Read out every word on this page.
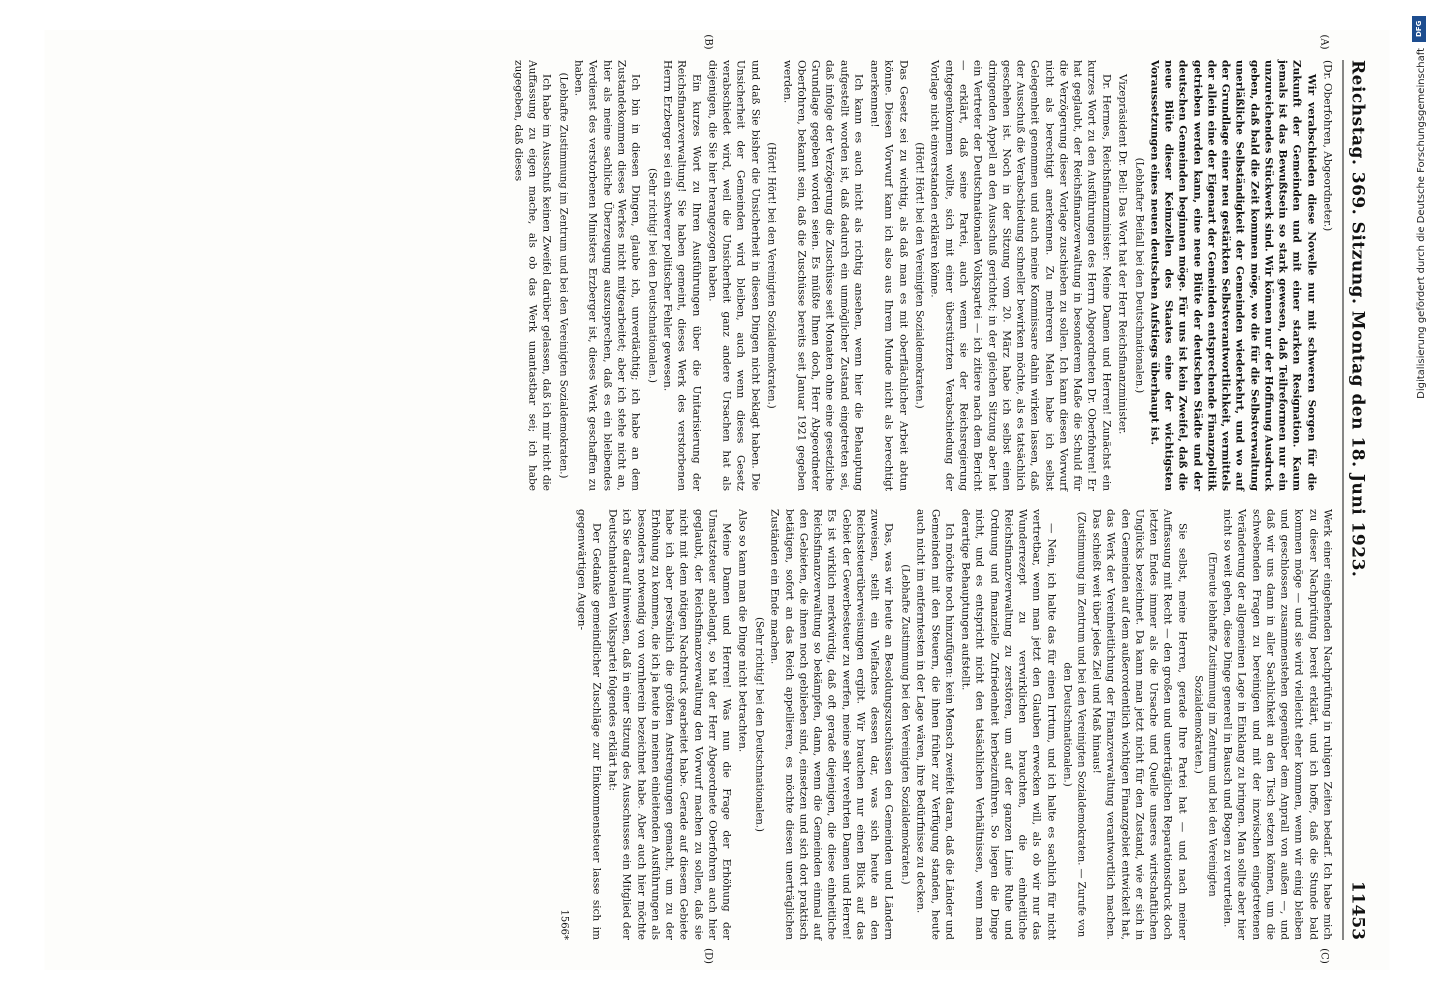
Reichstag. 369. Sitzung. Montag den 18. Juni 1923.
11453
(A)
(B)

(Dr. Oberfohren, Abgeordneter.)

Wir verabschieden diese Novelle nur mit schweren Sorgen für die Zukunft der Gemeinden und mit einer starken Resignation. Kaum jemals ist das Bewußtsein so stark gewesen, daß Teilreformen nur ein unzureichendes Stückwerk sind. Wir können nur der Hoffnung Ausdruck geben, daß bald die Zeit kommen möge, wo die für die Selbstverwaltung unerläßliche Selbständigkeit der Gemeinden wiederkehrt, und wo auf der Grundlage einer neu gestärkten Selbstverantwortlichkeit, vermittels der allein eine der Eigenart der Gemeinden entsprechende Finanzpolitik getrieben werden kann, eine neue Blüte der deutschen Städte und der deutschen Gemeinden beginnen möge. Für uns ist kein Zweifel, daß die neue Blüte dieser Keimzellen des Staates eine der wichtigsten Voraussetzungen eines neuen deutschen Aufstiegs überhaupt ist.

(Lebhafter Beifall bei den Deutschnationalen.)

Vizepräsident Dr. Bell: Das Wort hat der Herr Reichsfinanzminister.

Dr. Hermes, Reichsfinanzminister: Meine Damen und Herren! Zunächst ein kurzes Wort zu den Ausführungen des Herrn Abgeordneten Dr. Oberfohren! Er hat geglaubt, der Reichsfinanzverwaltung in besonderem Maße die Schuld für die Verzögerung dieser Vorlage zuschieben zu sollen. Ich kann diesen Vorwurf nicht als berechtigt anerkennen. Zu mehreren Malen habe ich selbst Gelegenheit genommen und auch meine Kommissare dahin wirken lassen, daß der Ausschuß die Verabschiedung schneller bewirken möchte, als es tatsächlich geschehen ist. Noch in der Sitzung vom 20. März habe ich selbst einen dringenden Appell an den Ausschuß gerichtet; in der gleichen Sitzung aber hat ein Vertreter der Deutschnationalen Volkspartei — ich zitiere nach dem Bericht — erklärt, daß seine Partei, auch wenn sie der Reichsregierung entgegenkommen wollte, sich mit einer überstürzten Verabschiedung der Vorlage nicht einverstanden erklären könne.

(Hört! Hört! bei den Vereinigten Sozialdemokraten.)

Das Gesetz sei zu wichtig, als daß man es mit oberflächlicher Arbeit abtun könne. Diesen Vorwurf kann ich also aus Ihrem Munde nicht als berechtigt anerkennen!

Ich kann es auch nicht als richtig ansehen, wenn hier die Behauptung aufgestellt worden ist, daß dadurch ein unmöglicher Zustand eingetreten sei, daß infolge der Verzögerung die Zuschüsse seit Monaten ohne eine gesetzliche Grundlage gegeben worden seien. Es müßte Ihnen doch, Herr Abgeordneter Oberfohren, bekannt sein, daß die Zuschüsse bereits seit Januar 1921 gegeben werden.

(Hört! Hört! bei den Vereinigten Sozialdemokraten.)

und daß Sie bisher die Unsicherheit in diesen Dingen nicht beklagt haben. Die Unsicherheit der Gemeinden wird bleiben, auch wenn dieses Gesetz verabschiedet wird, weil die Unsicherheit ganz andere Ursachen hat als diejenigen, die Sie hier herangezogen haben.

Ein kurzes Wort zu Ihren Ausführungen über die Unitarisierung der Reichsfinanzverwaltung! Sie haben gemeint, dieses Werk des verstorbenen Herrn Erzberger sei ein schwerer politischer Fehler gewesen.

(Sehr richtig! bei den Deutschnationalen.)

Ich bin in diesen Dingen, glaube ich, unverdächtig; ich habe an dem Zustandekommen dieses Werkes nicht mitgearbeitet; aber ich stehe nicht an, hier als meine sachliche Überzeugung auszusprechen, daß es ein bleibendes Verdienst des verstorbenen Ministers Erzberger ist, dieses Werk geschaffen zu haben.

(Lebhafte Zustimmung im Zentrum und bei den Vereinigten Sozialdemokraten.)

Ich habe im Ausschuß keinen Zweifel darüber gelassen, daß ich mir nicht die Auffassung zu eigen mache, als ob das Werk unantastbar sei; ich habe zugegeben, daß dieses

(C)
(D)

Werk einer eingehenden Nachprüfung in ruhigen Zeiten bedarf. Ich habe mich zu dieser Nachprüfung bereit erklärt, und ich hoffe, daß die Stunde bald kommen möge — und sie wird vielleicht eher kommen, wenn wir einig bleiben und geschlossen zusammenstehen gegenüber dem Anprall von außen —, und daß wir uns dann in aller Sachlichkeit an den Tisch setzen können, um die schwebenden Fragen zu bereinigen und mit der inzwischen eingetretenen Veränderung der allgemeinen Lage in Einklang zu bringen. Man sollte aber hier nicht so weit gehen, diese Dinge generell in Bausch und Bogen zu verurteilen.

(Erneute lebhafte Zustimmung im Zentrum und bei den Vereinigten Sozialdemokraten.)

Sie selbst, meine Herren, gerade Ihre Partei hat — und nach meiner Auffassung mit Recht — den großen und unerträglichen Reparationsdruck doch letzten Endes immer als die Ursache und Quelle unseres wirtschaftlichen Unglücks bezeichnet. Da kann man jetzt nicht für den Zustand, wie er sich in den Gemeinden auf dem außerordentlich wichtigen Finanzgebiet entwickelt hat, das Werk der Vereinheitlichung der Finanzverwaltung verantwortlich machen. Das schießt weit über jedes Ziel und Maß hinaus!

(Zustimmung im Zentrum und bei den Vereinigten Sozialdemokraten. — Zurufe von den Deutschnationalen.)

— Nein, ich halte das für einen Irrtum, und ich halte es sachlich für nicht vertretbar, wenn man jetzt den Glauben erwecken will, als ob wir nur das Wunderrezept zu verwirklichen brauchten, die einheitliche Reichsfinanzverwaltung zu zerstören, um auf der ganzen Linie Ruhe und Ordnung und finanzielle Zufriedenheit herbeizuführen. So liegen die Dinge nicht, und es entspricht nicht den tatsächlichen Verhältnissen, wenn man derartige Behauptungen aufstellt.

Ich möchte noch hinzufügen: kein Mensch zweifelt daran, daß die Länder und Gemeinden mit den Steuern, die ihnen früher zur Verfügung standen, heute auch nicht im entferntesten in der Lage wären, ihre Bedürfnisse zu decken.

(Lebhafte Zustimmung bei den Vereinigten Sozialdemokraten.)

Das, was wir heute an Besoldungszuschüssen den Gemeinden und Ländern zuweisen, stellt ein Vielfaches dessen dar, was sich heute an den Reichssteuerüberweisungen ergibt. Wir brauchen nur einen Blick auf das Gebiet der Gewerbesteuer zu werfen, meine sehr verehrten Damen und Herren! Es ist wirklich merkwürdig, daß oft gerade diejenigen, die diese einheitliche Reichsfinanzverwaltung so bekämpfen, dann, wenn die Gemeinden einmal auf den Gebieten, die ihnen noch geblieben sind, einsetzen und sich dort praktisch betätigen, sofort an das Reich appellieren, es möchte diesen unerträglichen Zuständen ein Ende machen.

(Sehr richtig! bei den Deutschnationalen.)

Also so kann man die Dinge nicht betrachten.

Meine Damen und Herren! Was nun die Frage der Erhöhung der Umsatzsteuer anbelangt, so hat der Herr Abgeordnete Oberfohren auch hier geglaubt, der Reichsfinanzverwaltung den Vorwurf machen zu sollen, daß sie nicht mit dem nötigen Nachdruck gearbeitet habe. Gerade auf diesem Gebiete habe ich aber persönlich die größten Anstrengungen gemacht, um zu der Erhöhung zu kommen, die ich ja heute in meinen einleitenden Ausführungen als besonders notwendig von vornherein bezeichnet habe. Aber auch hier möchte ich Sie darauf hinweisen, daß in einer Sitzung des Ausschusses ein Mitglied der Deutschnationalen Volkspartei folgendes erklärt hat:

Der Gedanke gemeindlicher Zuschläge zur Einkommensteuer lasse sich im gegenwärtigen Augen-

1566*
DFG
Digitalisierung gefördert durch die Deutsche Forschungsgemeinschaft
